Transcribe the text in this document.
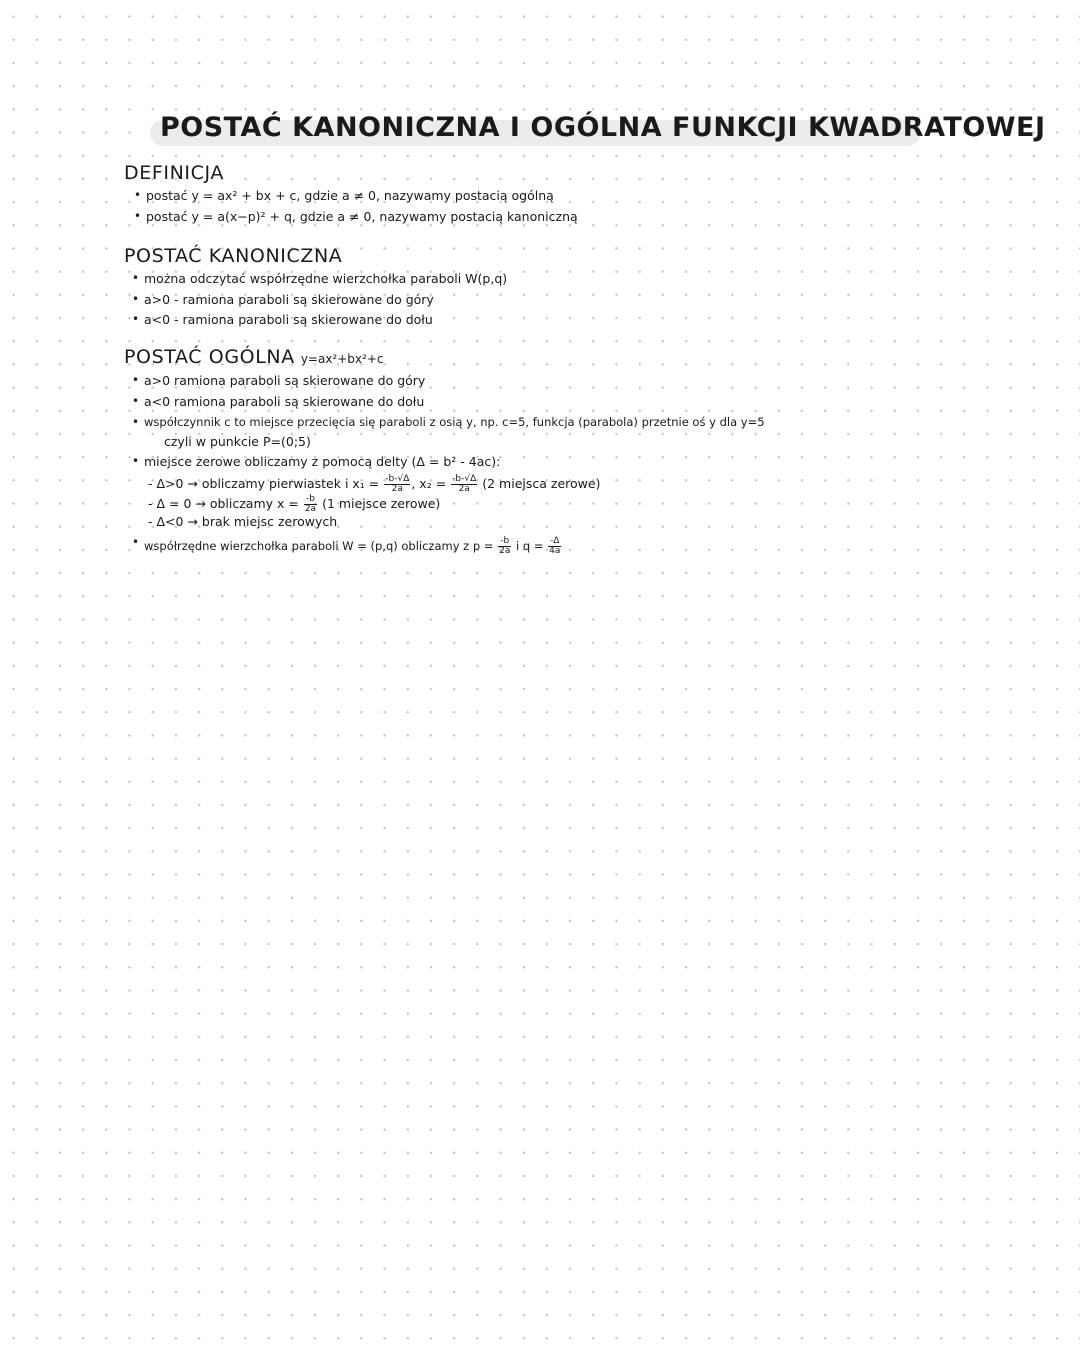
POSTAĆ KANONICZNA I OGÓLNA FUNKCJI KWADRATOWEJ
DEFINICJA
• postać y = ax² + bx + c, gdzie a ≠ 0, nazywamy postacią ogólną
• postać y = a(x−p)² + q, gdzie a ≠ 0, nazywamy postacią kanoniczną
POSTAĆ KANONICZNA
• można odczytać współrzędne wierzchołka paraboli W(p,q)
• a>0 - ramiona paraboli są skierowane do góry
• a<0 - ramiona paraboli są skierowane do dołu
POSTAĆ OGÓLNA y=ax²+bx²+c
• a>0 ramiona paraboli są skierowane do góry
• a<0 ramiona paraboli są skierowane do dołu
• współczynnik c to miejsce przecięcia się paraboli z osią y, np. c=5, funkcja (parabola) przetnie oś y dla y=5
czyli w punkcie P=(0;5)
• miejsce zerowe obliczamy z pomocą delty (Δ = b² - 4ac):
- Δ>0 → obliczamy pierwiastek i $x_1 = \frac{-b-√\Delta}{2a}$ , $x_2 = \frac{-b-√\Delta}{2a} (2$ miejsca zerowe)
- Δ = 0 → obliczamy $x = \frac{-b}{2a} (1$ miejsce zerowe)
- Δ<0 → brak miejsc zerowych
• współrzędne wierzchołka paraboli W = (p,q) obliczamy z $p = \frac{-b}{2a}$ i $q = \frac{-\Delta}{4a}$
